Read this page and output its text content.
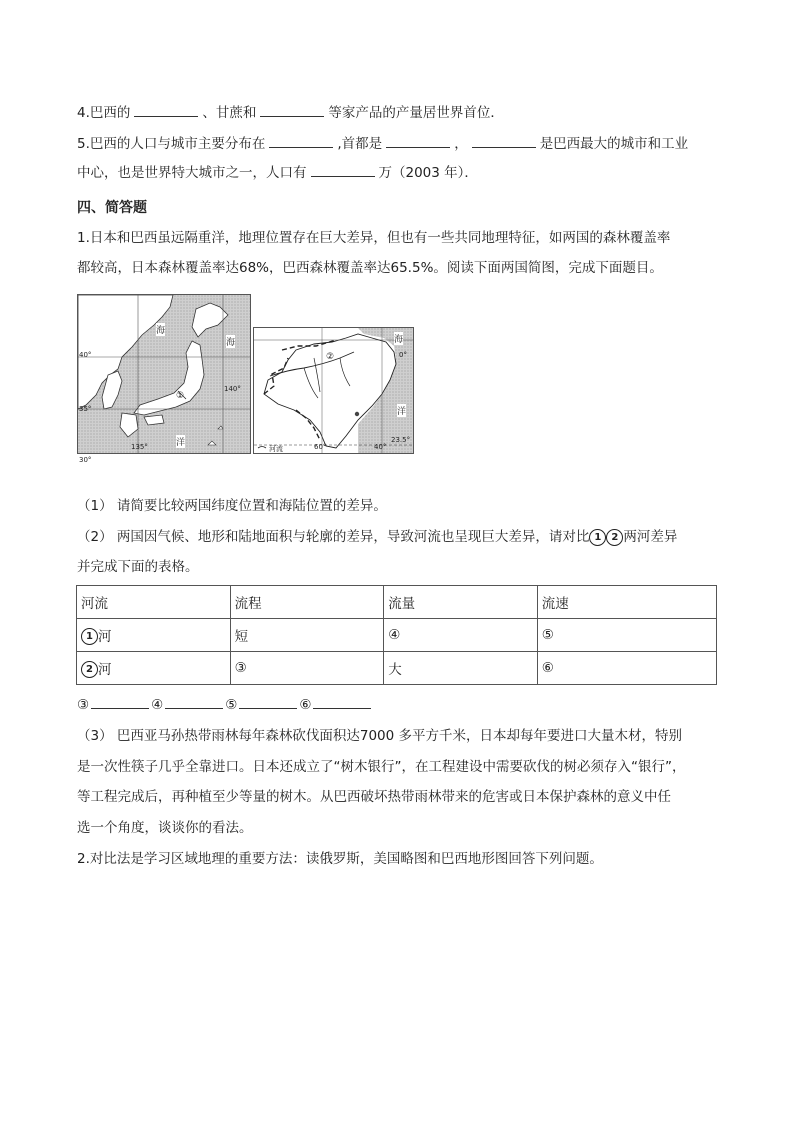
4.巴西的	、甘蔗和	等家产品的产量居世界首位．
5.巴西的人口与城市主要分布在	,首都是	，	是巴西最大的城市和工业
中心，也是世界特大城市之一，人口有	万（2003 年）．
四、简答题
1.日本和巴西虽远隔重洋，地理位置存在巨大差异，但也有一些共同地理特征，如两国的森林覆盖率
都较高，日本森林覆盖率达68%，巴西森林覆盖率达65.5%。阅读下面两国简图，完成下面题目。
海
海
洋
40°
35°
30°
140°
135°
①
海
洋
0°
23.5°
60°	40°
②
河流
（1） 请简要比较两国纬度位置和海陆位置的差异。
（2） 两国因气候、地形和陆地面积与轮廓的差异，导致河流也呈现巨大差异，请对比 1 2 两河差异
并完成下面的表格。
河流	流程	流量	流速
1 河	短	④	⑤
2 河	③	大	⑥
③	④	⑤	⑥
（3） 巴西亚马孙热带雨林每年森林砍伐面积达7000 多平方千米，日本却每年要进口大量木材，特别
是一次性筷子几乎全靠进口。日本还成立了“树木银行”，在工程建设中需要砍伐的树必须存入“银行”，
等工程完成后，再种植至少等量的树木。从巴西破坏热带雨林带来的危害或日本保护森林的意义中任
选一个角度，谈谈你的看法。
2.对比法是学习区域地理的重要方法：读俄罗斯，美国略图和巴西地形图回答下列问题。
